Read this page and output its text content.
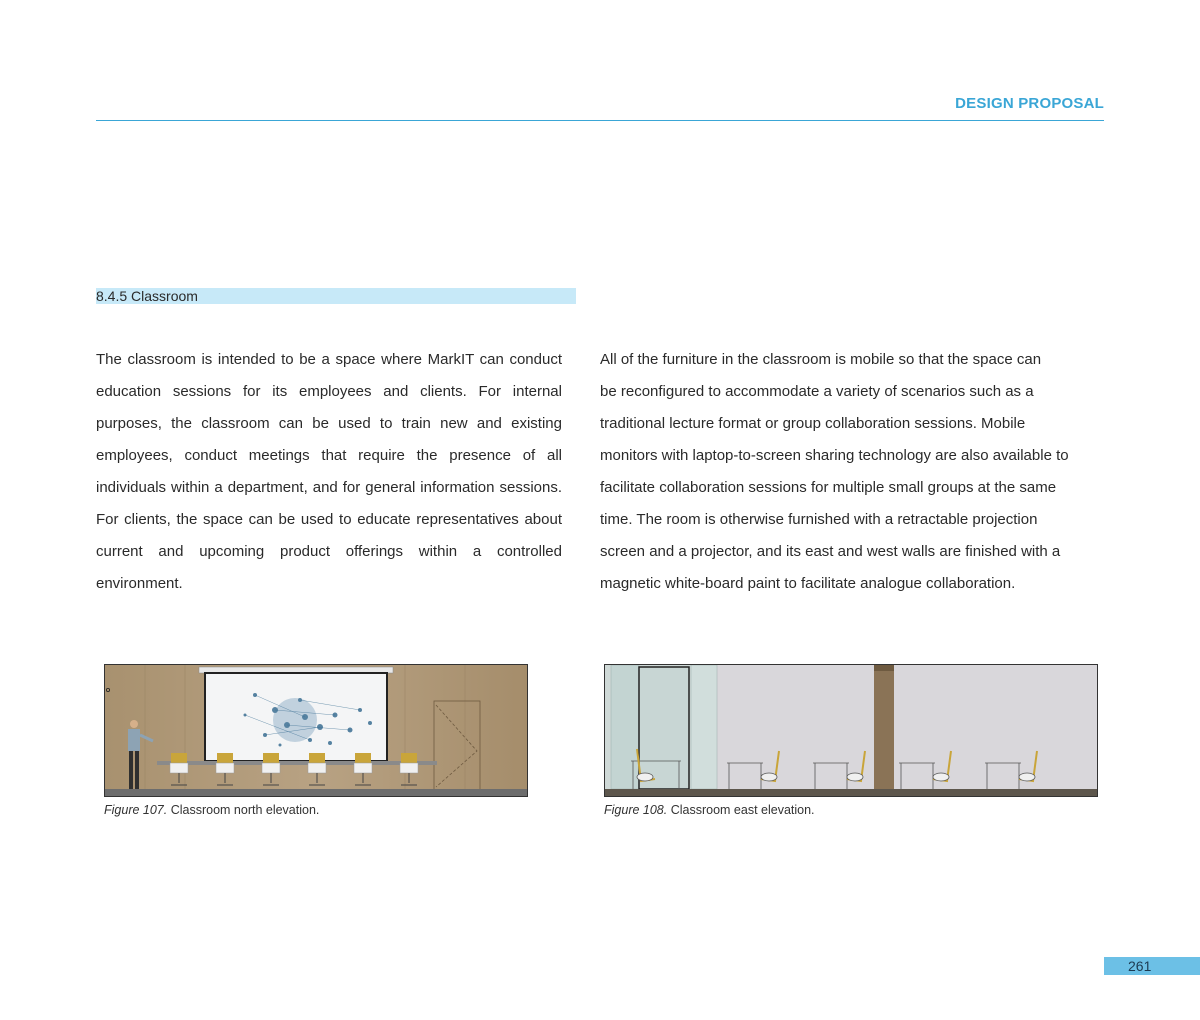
DESIGN PROPOSAL
8.4.5 Classroom
The classroom is intended to be a space where MarkIT can conduct education sessions for its employees and clients. For internal purposes, the classroom can be used to train new and existing employees, conduct meetings that require the presence of all individuals within a department, and for general information sessions. For clients, the space can be used to educate representatives about current and upcoming product offerings within a controlled environment.
All of the furniture in the classroom is mobile so that the space can
be reconfigured to accommodate a variety of scenarios such as a
traditional lecture format or group collaboration sessions. Mobile
monitors with laptop-to-screen sharing technology are also available to
facilitate collaboration sessions for multiple small groups at the same
time. The room is otherwise furnished with a retractable projection
screen and a projector, and its east and west walls are finished with a
magnetic white-board paint to facilitate analogue collaboration.
Figure 107. Classroom north elevation.	Figure 108. Classroom east elevation.
261
